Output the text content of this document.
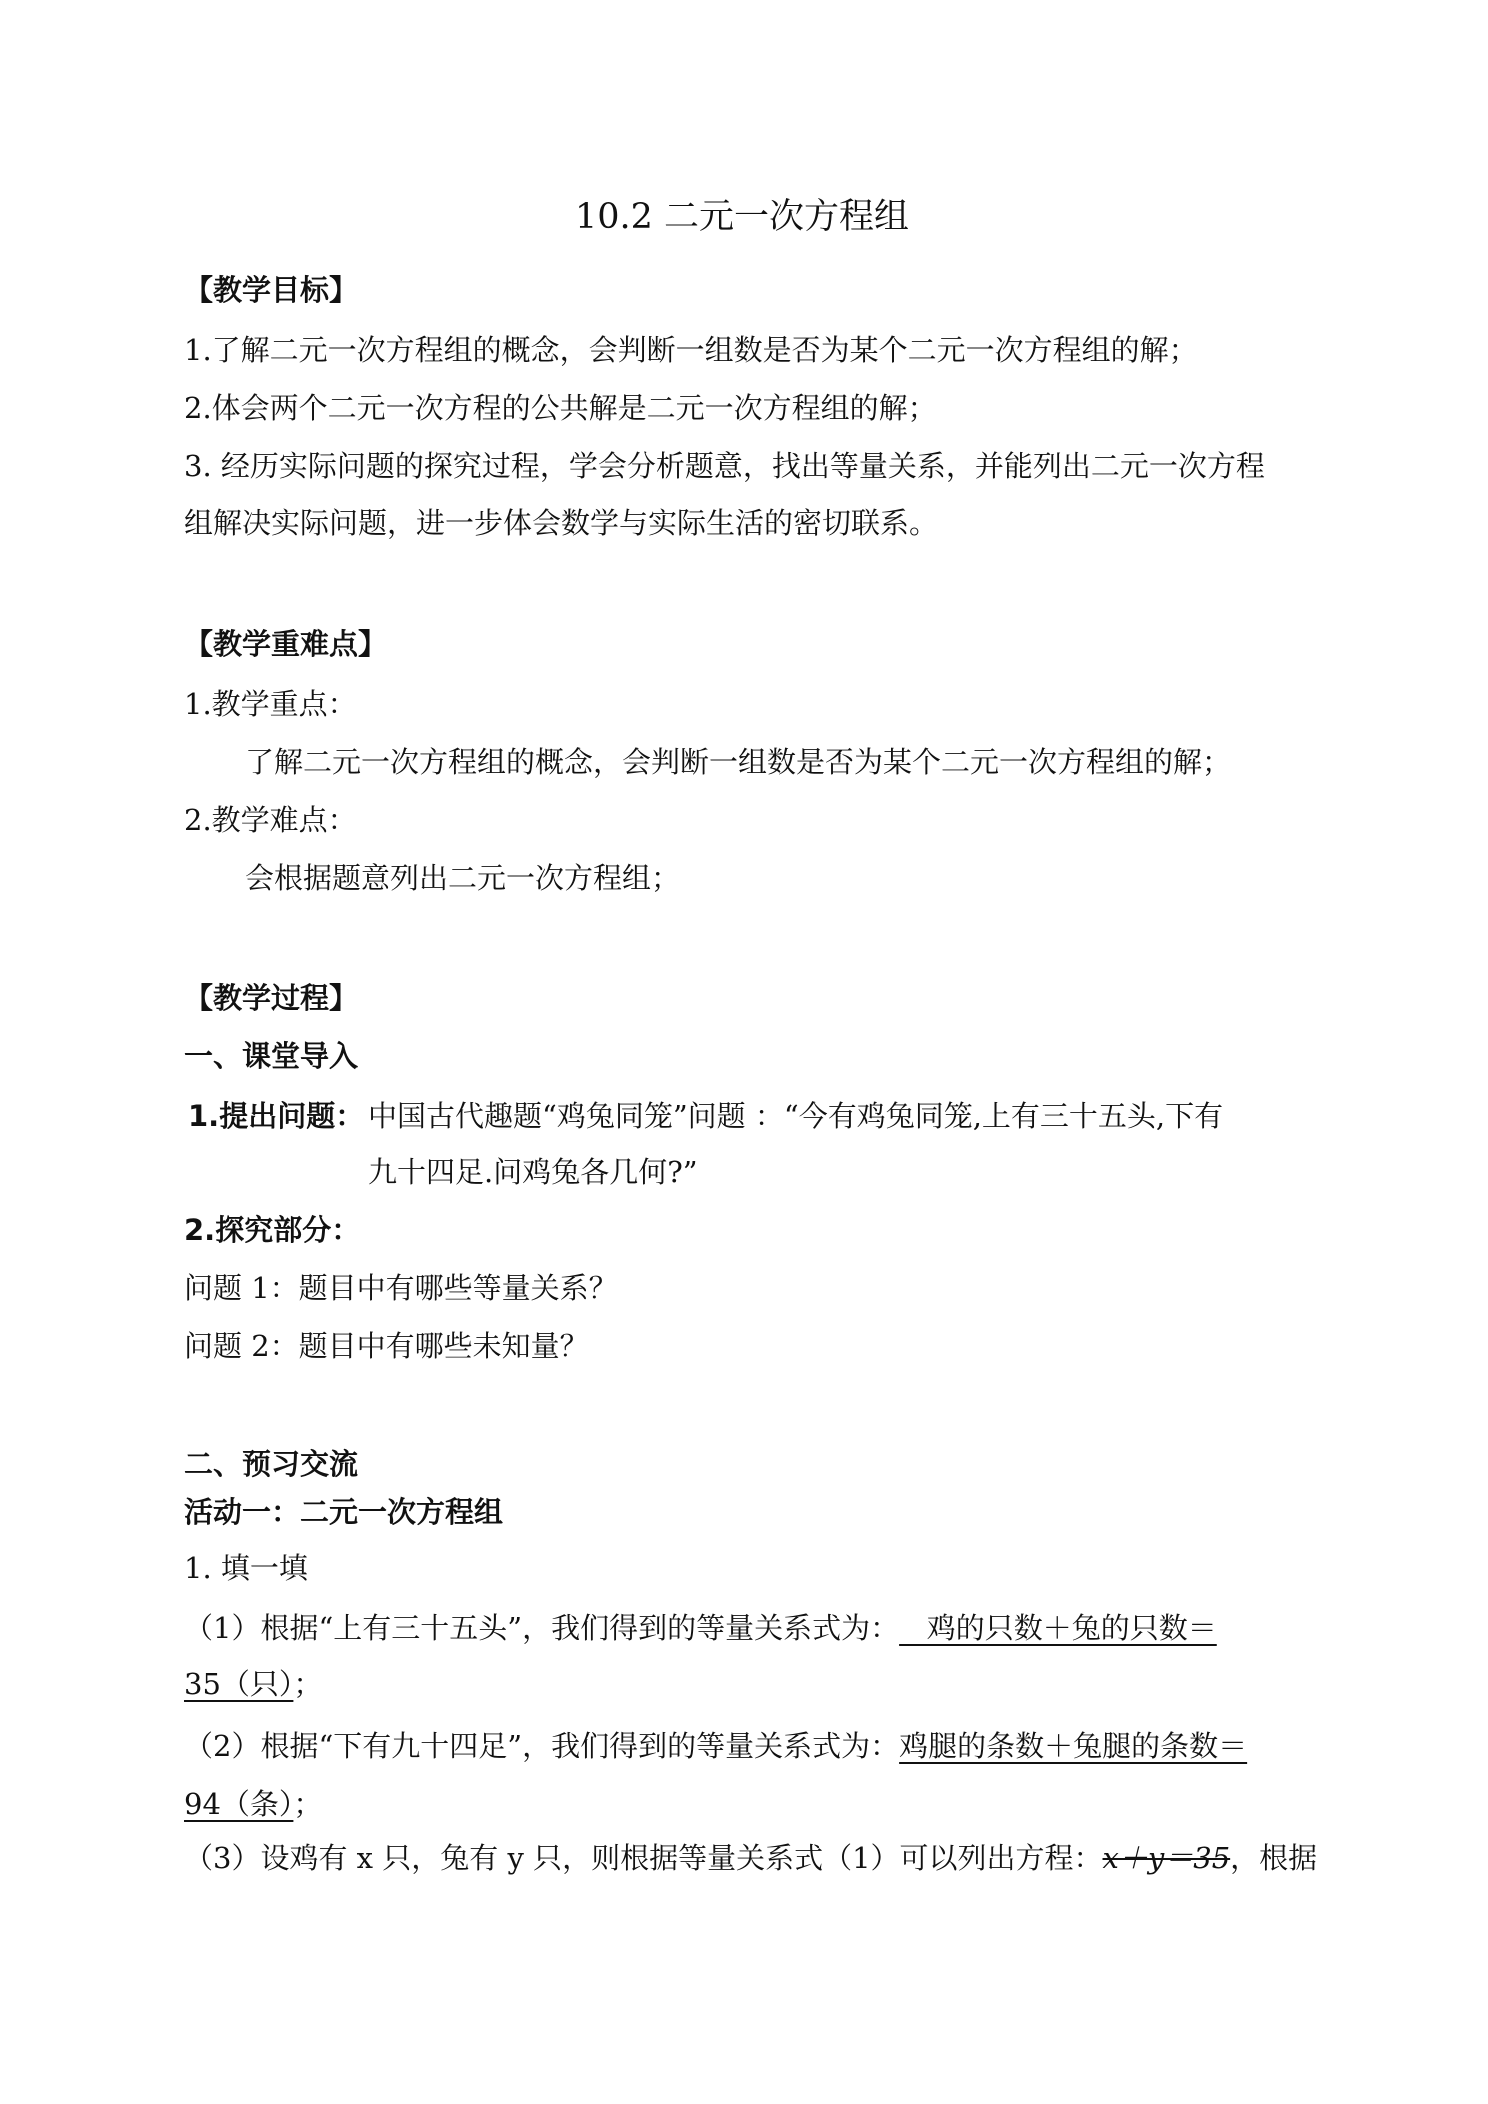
10.2 二元一次方程组
【教学目标】
1.了解二元一次方程组的概念，会判断一组数是否为某个二元一次方程组的解；
2.体会两个二元一次方程的公共解是二元一次方程组的解；
3. 经历实际问题的探究过程，学会分析题意，找出等量关系，并能列出二元一次方程
组解决实际问题，进一步体会数学与实际生活的密切联系。
【教学重难点】
1.教学重点：
了解二元一次方程组的概念，会判断一组数是否为某个二元一次方程组的解；
2.教学难点：
会根据题意列出二元一次方程组；
【教学过程】
一、课堂导入
1.提出问题： 中国古代趣题“鸡兔同笼”问题 ：“今有鸡兔同笼,上有三十五头,下有
九十四足.问鸡兔各几何?”
2.探究部分：
问题 1：题目中有哪些等量关系？
问题 2：题目中有哪些未知量？
二、预习交流
活动一：二元一次方程组
1. 填一填
（1）根据“上有三十五头”，我们得到的等量关系式为：   鸡的只数＋兔的只数＝
35（只）；
（2）根据“下有九十四足”，我们得到的等量关系式为：鸡腿的条数＋兔腿的条数＝
94（条）；
（3）设鸡有 x 只，兔有 y 只，则根据等量关系式（1）可以列出方程：x＋y＝35，根据
